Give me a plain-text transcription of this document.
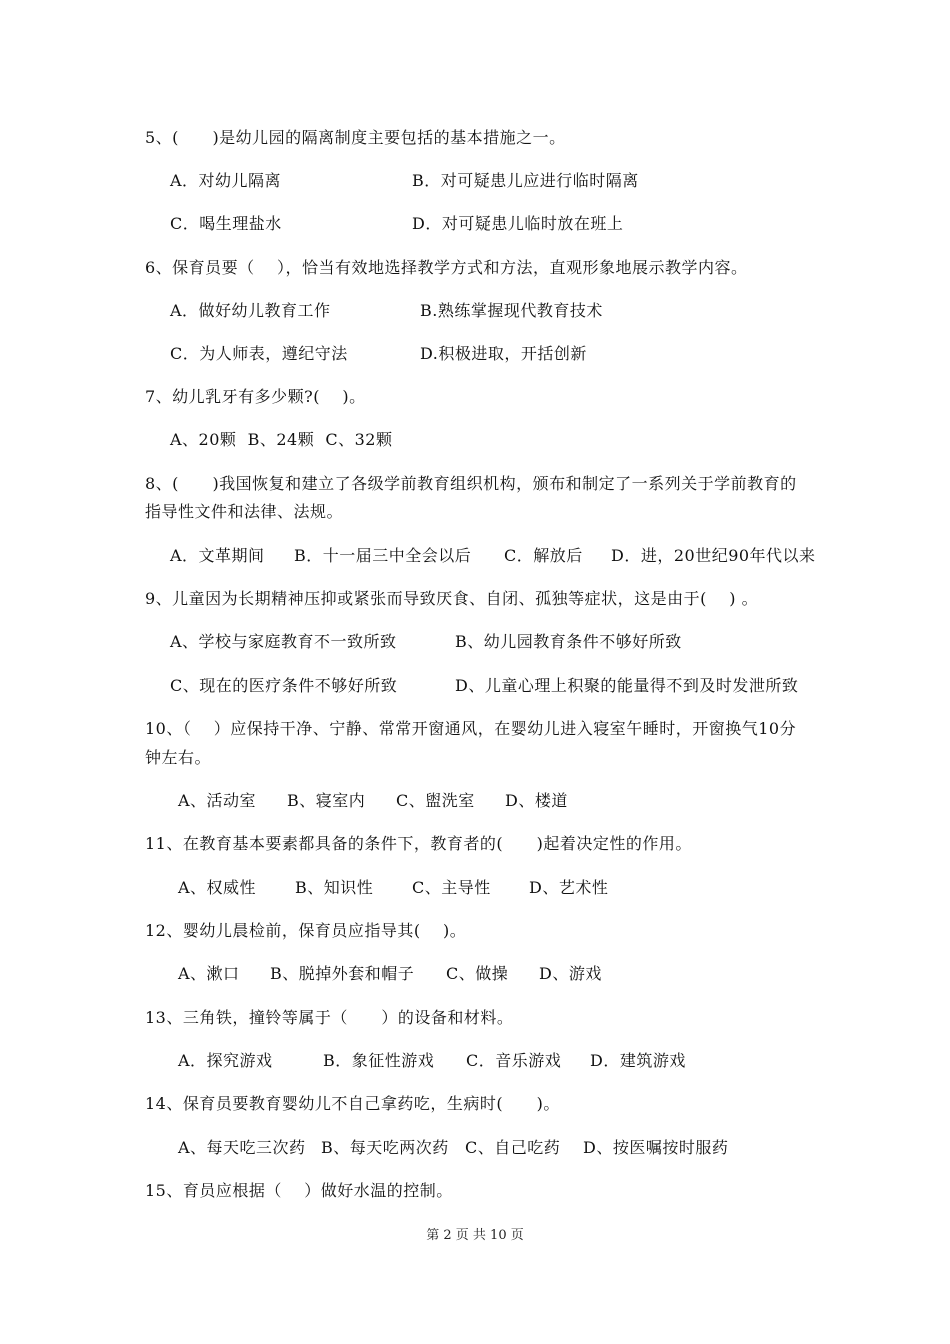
5、(      )是幼儿园的隔离制度主要包括的基本措施之一。
A．对幼儿隔离	B．对可疑患儿应进行临时隔离
C．喝生理盐水	D．对可疑患儿临时放在班上
6、保育员要（    ），恰当有效地选择教学方式和方法，直观形象地展示教学内容。
A．做好幼儿教育工作	B.熟练掌握现代教育技术
C．为人师表，遵纪守法	D.积极进取，开括创新
7、幼儿乳牙有多少颗?(    )。
A、20颗  B、24颗  C、32颗
8、(      )我国恢复和建立了各级学前教育组织机构，颁布和制定了一系列关于学前教育的
指导性文件和法律、法规。
A．文革期间 B．十一届三中全会以后 C．解放后 D．进，20世纪90年代以来
9、儿童因为长期精神压抑或紧张而导致厌食、自闭、孤独等症状，这是由于(    ) 。
A、学校与家庭教育不一致所致	B、幼儿园教育条件不够好所致
C、现在的医疗条件不够好所致	D、儿童心理上积聚的能量得不到及时发泄所致
10、（    ）应保持干净、宁静、常常开窗通风，在婴幼儿进入寝室午睡时，开窗换气10分
钟左右。
A、活动室 B、寝室内 C、盥洗室 D、楼道
11、在教育基本要素都具备的条件下，教育者的(      )起着决定性的作用。
A、权威性 B、知识性 C、主导性 D、艺术性
12、婴幼儿晨检前，保育员应指导其(    )。
A、漱口 B、脱掉外套和帽子 C、做操 D、游戏
13、三角铁，撞铃等属于（      ）的设备和材料。
A．探究游戏	B．象征性游戏 C．音乐游戏 D．建筑游戏
14、保育员要教育婴幼儿不自己拿药吃，生病时(      )。
A、每天吃三次药 B、每天吃两次药 C、自己吃药 D、按医嘱按时服药
15、育员应根据（    ）做好水温的控制。
第 2 页 共 10 页
